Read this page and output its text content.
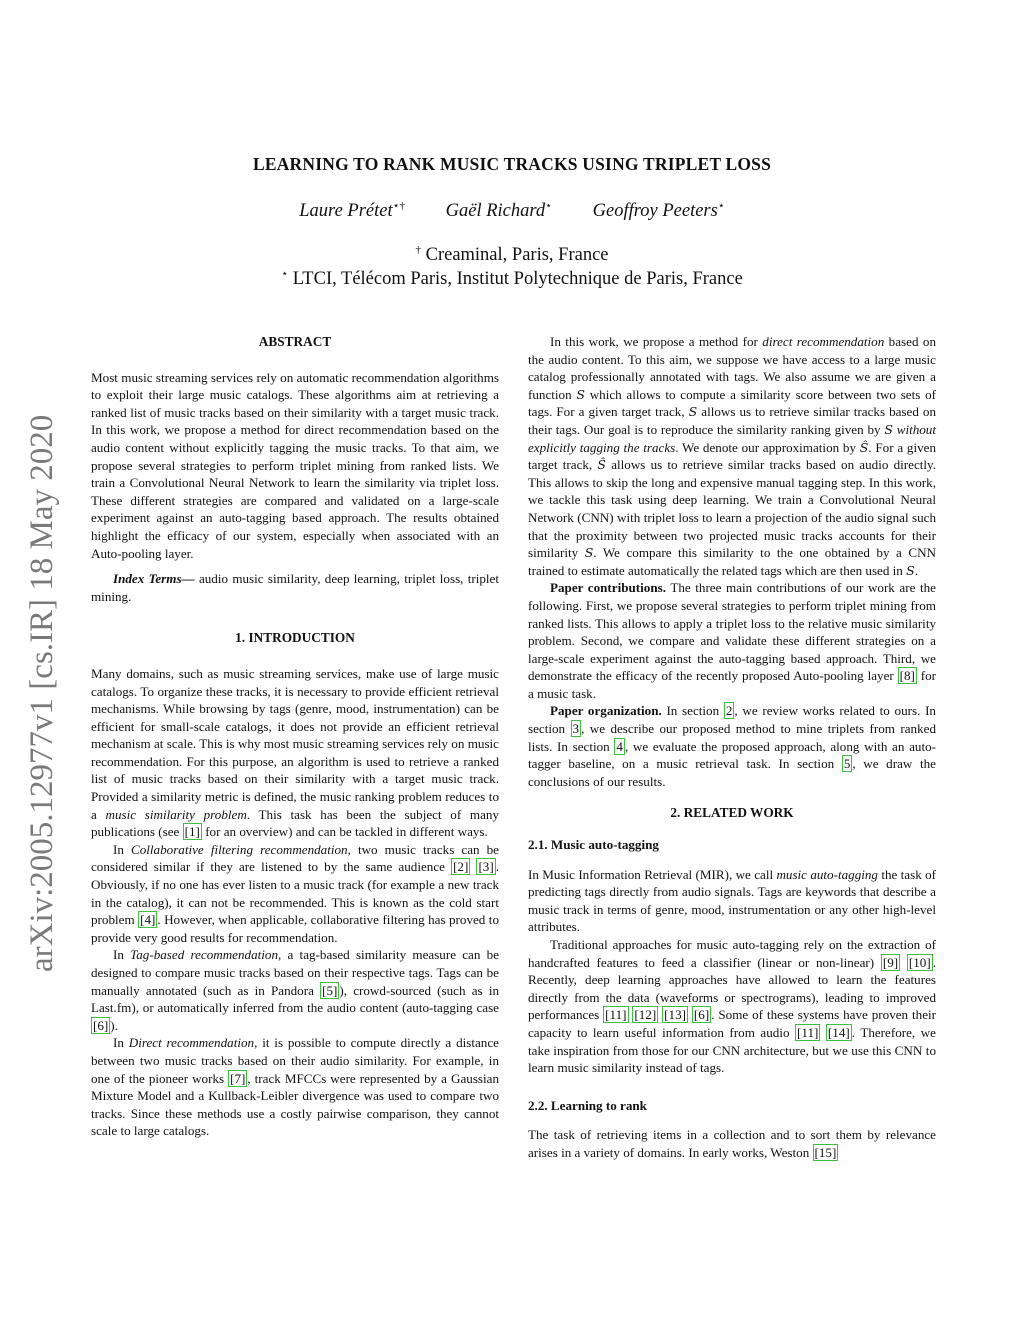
arXiv:2005.12977v1 [cs.IR] 18 May 2020
LEARNING TO RANK MUSIC TRACKS USING TRIPLET LOSS
Laure Prétet⋆† Gaël Richard⋆ Geoffroy Peeters⋆
† Creaminal, Paris, France
⋆ LTCI, Télécom Paris, Institut Polytechnique de Paris, France
ABSTRACT

Most music streaming services rely on automatic recommendation algorithms to exploit their large music catalogs. These algorithms aim at retrieving a ranked list of music tracks based on their similarity with a target music track. In this work, we propose a method for direct recommendation based on the audio content without explicitly tagging the music tracks. To that aim, we propose several strategies to perform triplet mining from ranked lists. We train a Convolutional Neural Network to learn the similarity via triplet loss. These different strategies are compared and validated on a large-scale experiment against an auto-tagging based approach. The results obtained highlight the efficacy of our system, especially when associated with an Auto-pooling layer.

Index Terms— audio music similarity, deep learning, triplet loss, triplet mining.

1. INTRODUCTION

Many domains, such as music streaming services, make use of large music catalogs. To organize these tracks, it is necessary to provide efficient retrieval mechanisms. While browsing by tags (genre, mood, instrumentation) can be efficient for small-scale catalogs, it does not provide an efficient retrieval mechanism at scale. This is why most music streaming services rely on music recommendation. For this purpose, an algorithm is used to retrieve a ranked list of music tracks based on their similarity with a target music track. Provided a similarity metric is defined, the music ranking problem reduces to a music similarity problem. This task has been the subject of many publications (see [1] for an overview) and can be tackled in different ways.

In Collaborative filtering recommendation, two music tracks can be considered similar if they are listened to by the same audience [2] [3] . Obviously, if no one has ever listen to a music track (for example a new track in the catalog), it can not be recommended. This is known as the cold start problem [4] . However, when applicable, collaborative filtering has proved to provide very good results for recommendation.

In Tag-based recommendation, a tag-based similarity measure can be designed to compare music tracks based on their respective tags. Tags can be manually annotated (such as in Pandora [5] ), crowd-sourced (such as in Last.fm), or automatically inferred from the audio content (auto-tagging case [6] ).

In Direct recommendation, it is possible to compute directly a distance between two music tracks based on their audio similarity. For example, in one of the pioneer works [7] , track MFCCs were represented by a Gaussian Mixture Model and a Kullback-Leibler divergence was used to compare two tracks. Since these methods use a costly pairwise comparison, they cannot scale to large catalogs.

In this work, we propose a method for direct recommendation based on the audio content. To this aim, we suppose we have access to a large music catalog professionally annotated with tags. We also assume we are given a function S which allows to compute a similarity score between two sets of tags. For a given target track, S allows us to retrieve similar tracks based on their tags. Our goal is to reproduce the similarity ranking given by S without explicitly tagging the tracks. We denote our approximation by Ŝ. For a given target track, Ŝ allows us to retrieve similar tracks based on audio directly. This allows to skip the long and expensive manual tagging step. In this work, we tackle this task using deep learning. We train a Convolutional Neural Network (CNN) with triplet loss to learn a projection of the audio signal such that the proximity between two projected music tracks accounts for their similarity S. We compare this similarity to the one obtained by a CNN trained to estimate automatically the related tags which are then used in S.

Paper contributions. The three main contributions of our work are the following. First, we propose several strategies to perform triplet mining from ranked lists. This allows to apply a triplet loss to the relative music similarity problem. Second, we compare and validate these different strategies on a large-scale experiment against the auto-tagging based approach. Third, we demonstrate the efficacy of the recently proposed Auto-pooling layer [8] for a music task.

Paper organization. In section 2 , we review works related to ours. In section 3 , we describe our proposed method to mine triplets from ranked lists. In section 4 , we evaluate the proposed approach, along with an auto-tagger baseline, on a music retrieval task. In section 5 , we draw the conclusions of our results.

2. RELATED WORK
2.1. Music auto-tagging

In Music Information Retrieval (MIR), we call music auto-tagging the task of predicting tags directly from audio signals. Tags are keywords that describe a music track in terms of genre, mood, instrumentation or any other high-level attributes.

Traditional approaches for music auto-tagging rely on the extraction of handcrafted features to feed a classifier (linear or non-linear) [9] [10] . Recently, deep learning approaches have allowed to learn the features directly from the data (waveforms or spectrograms), leading to improved performances [11] [12] [13] [6] . Some of these systems have proven their capacity to learn useful information from audio [11] [14] . Therefore, we take inspiration from those for our CNN architecture, but we use this CNN to learn music similarity instead of tags.

2.2. Learning to rank

The task of retrieving items in a collection and to sort them by relevance arises in a variety of domains. In early works, Weston [15]
